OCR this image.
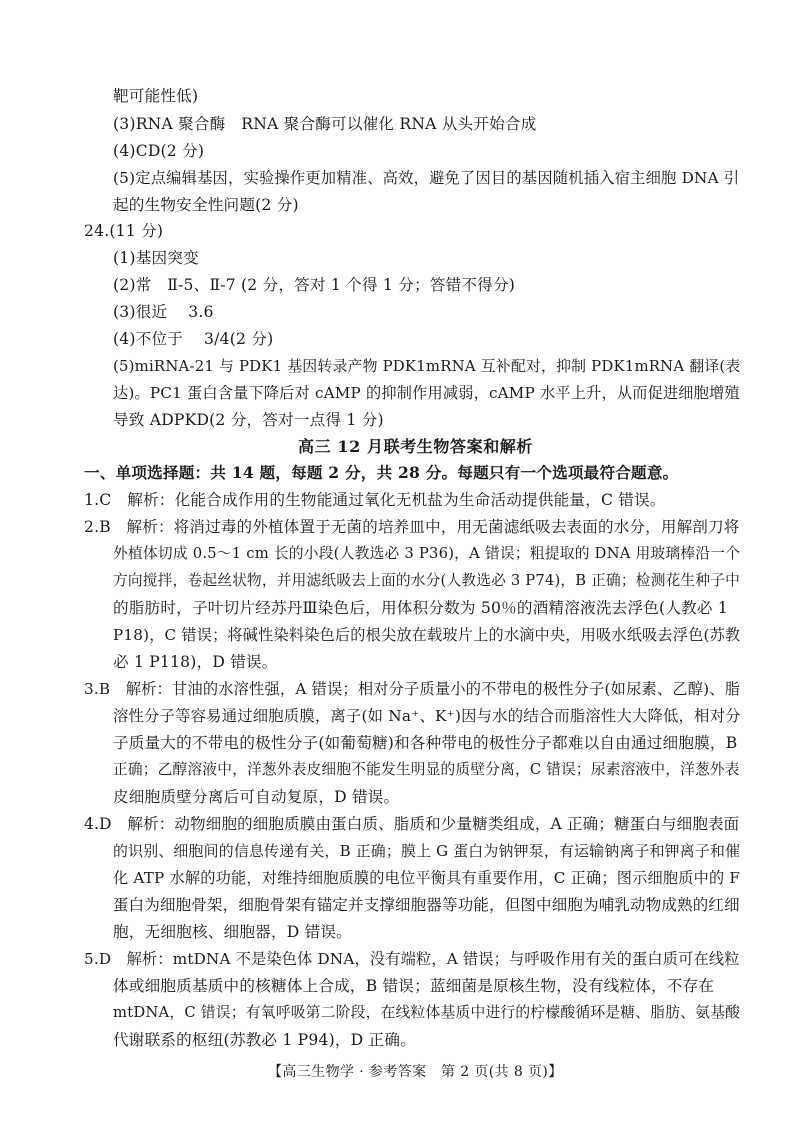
靶可能性低)
(3)RNA 聚合酶　RNA 聚合酶可以催化 RNA 从头开始合成
(4)CD(2 分)
(5)定点编辑基因，实验操作更加精准、高效，避免了因目的基因随机插入宿主细胞 DNA 引
起的生物安全性问题(2 分)
24.(11 分)
(1)基因突变
(2)常　Ⅱ-5、Ⅱ-7 (2 分，答对 1 个得 1 分；答错不得分)
(3)很近　 3.6
(4)不位于　 3/4(2 分)
(5)miRNA-21 与 PDK1 基因转录产物 PDK1mRNA 互补配对，抑制 PDK1mRNA 翻译(表
达)。PC1 蛋白含量下降后对 cAMP 的抑制作用减弱，cAMP 水平上升，从而促进细胞增殖
导致 ADPKD(2 分，答对一点得 1 分)
高三 12 月联考生物答案和解析
一、单项选择题：共 14 题，每题 2 分，共 28 分。每题只有一个选项最符合题意。
1.C　解析：化能合成作用的生物能通过氧化无机盐为生命活动提供能量，C 错误。
2.B　解析：将消过毒的外植体置于无菌的培养皿中，用无菌滤纸吸去表面的水分，用解剖刀将
外植体切成 0.5～1 cm 长的小段(人教选必 3 P36)，A 错误；粗提取的 DNA 用玻璃棒沿一个
方向搅拌，卷起丝状物，并用滤纸吸去上面的水分(人教选必 3 P74)，B 正确；检测花生种子中
的脂肪时，子叶切片经苏丹Ⅲ染色后，用体积分数为 50％的酒精溶液洗去浮色(人教必 1
P18)，C 错误；将碱性染料染色后的根尖放在载玻片上的水滴中央，用吸水纸吸去浮色(苏教
必 1 P118)，D 错误。
3.B　解析：甘油的水溶性强，A 错误；相对分子质量小的不带电的极性分子(如尿素、乙醇)、脂
溶性分子等容易通过细胞质膜，离子(如 Na⁺、K⁺)因与水的结合而脂溶性大大降低，相对分
子质量大的不带电的极性分子(如葡萄糖)和各种带电的极性分子都难以自由通过细胞膜，B
正确；乙醇溶液中，洋葱外表皮细胞不能发生明显的质壁分离，C 错误；尿素溶液中，洋葱外表
皮细胞质壁分离后可自动复原，D 错误。
4.D　解析：动物细胞的细胞质膜由蛋白质、脂质和少量糖类组成，A 正确；糖蛋白与细胞表面
的识别、细胞间的信息传递有关，B 正确；膜上 G 蛋白为钠钾泵，有运输钠离子和钾离子和催
化 ATP 水解的功能，对维持细胞质膜的电位平衡具有重要作用，C 正确；图示细胞质中的 F
蛋白为细胞骨架，细胞骨架有锚定并支撑细胞器等功能，但图中细胞为哺乳动物成熟的红细
胞，无细胞核、细胞器，D 错误。
5.D　解析：mtDNA 不是染色体 DNA，没有端粒，A 错误；与呼吸作用有关的蛋白质可在线粒
体或细胞质基质中的核糖体上合成，B 错误；蓝细菌是原核生物，没有线粒体，不存在
mtDNA，C 错误；有氧呼吸第二阶段，在线粒体基质中进行的柠檬酸循环是糖、脂肪、氨基酸
代谢联系的枢纽(苏教必 1 P94)，D 正确。
【高三生物学 · 参考答案　第 2 页(共 8 页)】
